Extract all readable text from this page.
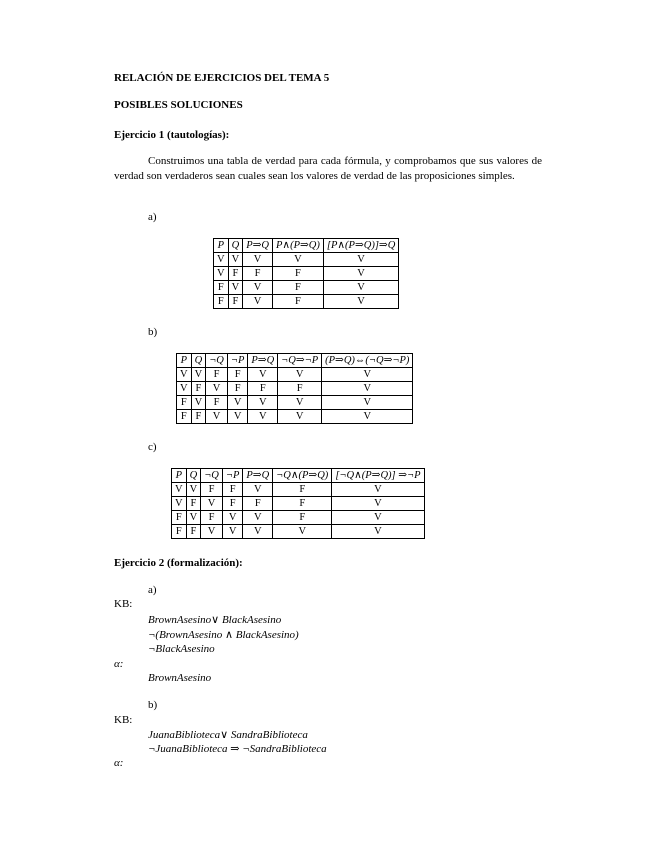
RELACIÓN DE EJERCICIOS DEL TEMA 5
POSIBLES SOLUCIONES
Ejercicio 1 (tautologías):
Construimos una tabla de verdad para cada fórmula, y comprobamos que sus valores de verdad son verdaderos sean cuales sean los valores de verdad de las proposiciones simples.
a)
P	Q	P⇒Q	P∧(P⇒Q)	[P∧(P⇒Q)]⇒Q
V	V	V	V	V
V	F	F	F	V
F	V	V	F	V
F	F	V	F	V
b)
P	Q	¬Q	¬P	P⇒Q	¬Q⇒¬P	(P⇒Q)⇔(¬Q⇒¬P)
V	V	F	F	V	V	V
V	F	V	F	F	F	V
F	V	F	V	V	V	V
F	F	V	V	V	V	V
c)
P	Q	¬Q	¬P	P⇒Q	¬Q∧(P⇒Q)	[¬Q∧(P⇒Q)] ⇒¬P
V	V	F	F	V	F	V
V	F	V	F	F	F	V
F	V	F	V	V	F	V
F	F	V	V	V	V	V
Ejercicio 2 (formalización):
a)
KB:
BrownAsesino∨ BlackAsesino
¬(BrownAsesino ∧ BlackAsesino)
¬BlackAsesino
α:
BrownAsesino
b)
KB:
JuanaBiblioteca∨ SandraBiblioteca
¬JuanaBiblioteca ⇒ ¬SandraBiblioteca
α:
